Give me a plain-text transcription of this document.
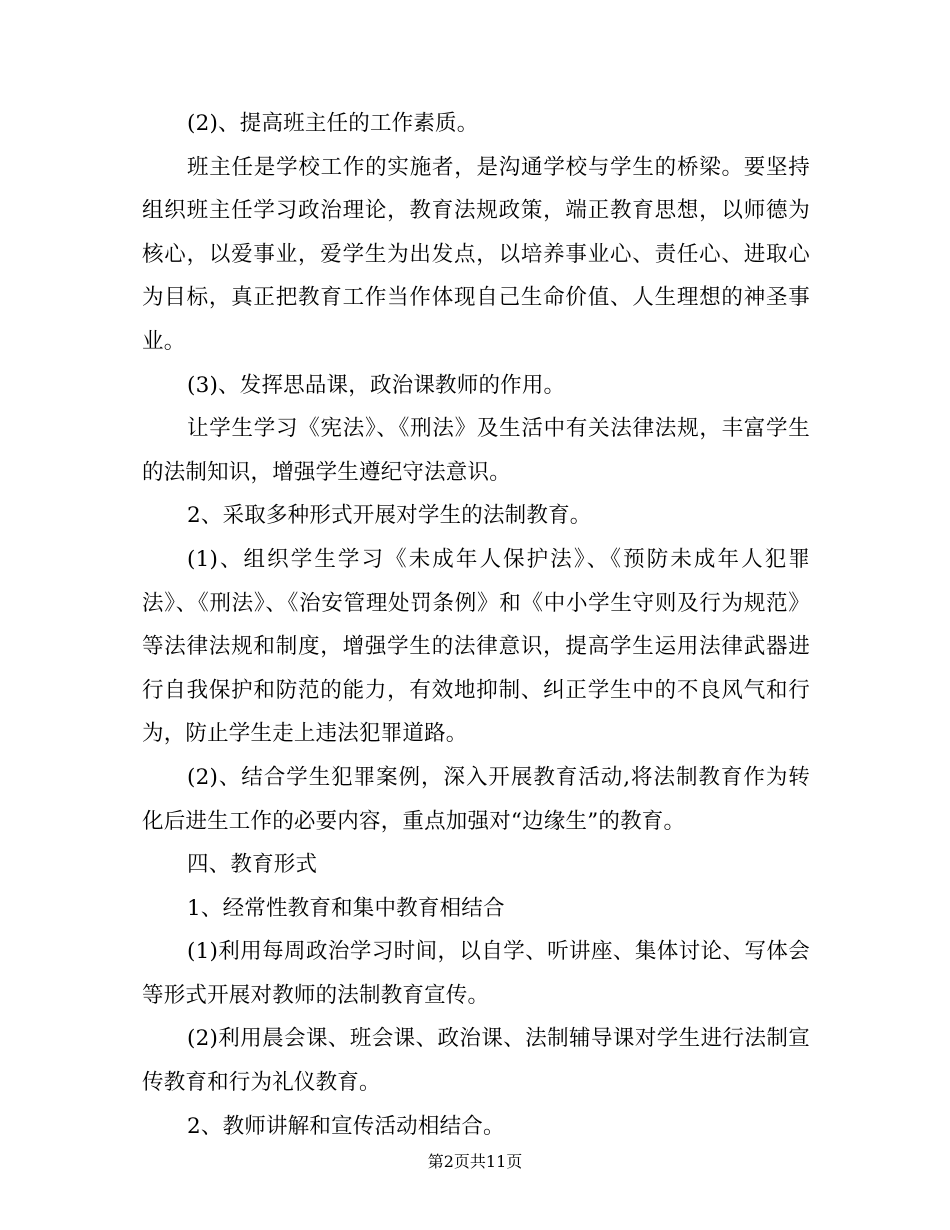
(2)、提高班主任的工作素质。

班主任是学校工作的实施者，是沟通学校与学生的桥梁。要坚持组织班主任学习政治理论，教育法规政策，端正教育思想，以师德为核心，以爱事业，爱学生为出发点，以培养事业心、责任心、进取心为目标，真正把教育工作当作体现自己生命价值、人生理想的神圣事业。

(3)、发挥思品课，政治课教师的作用。

让学生学习《宪法》、《刑法》及生活中有关法律法规，丰富学生的法制知识，增强学生遵纪守法意识。

2、采取多种形式开展对学生的法制教育。

(1)、组织学生学习《未成年人保护法》、《预防未成年人犯罪法》、《刑法》、《治安管理处罚条例》和《中小学生守则及行为规范》等法律法规和制度，增强学生的法律意识，提高学生运用法律武器进行自我保护和防范的能力，有效地抑制、纠正学生中的不良风气和行为，防止学生走上违法犯罪道路。

(2)、结合学生犯罪案例，深入开展教育活动,将法制教育作为转化后进生工作的必要内容，重点加强对“边缘生”的教育。

四、教育形式

1、经常性教育和集中教育相结合

(1)利用每周政治学习时间，以自学、听讲座、集体讨论、写体会等形式开展对教师的法制教育宣传。

(2)利用晨会课、班会课、政治课、法制辅导课对学生进行法制宣传教育和行为礼仪教育。

2、教师讲解和宣传活动相结合。

第2页共11页
